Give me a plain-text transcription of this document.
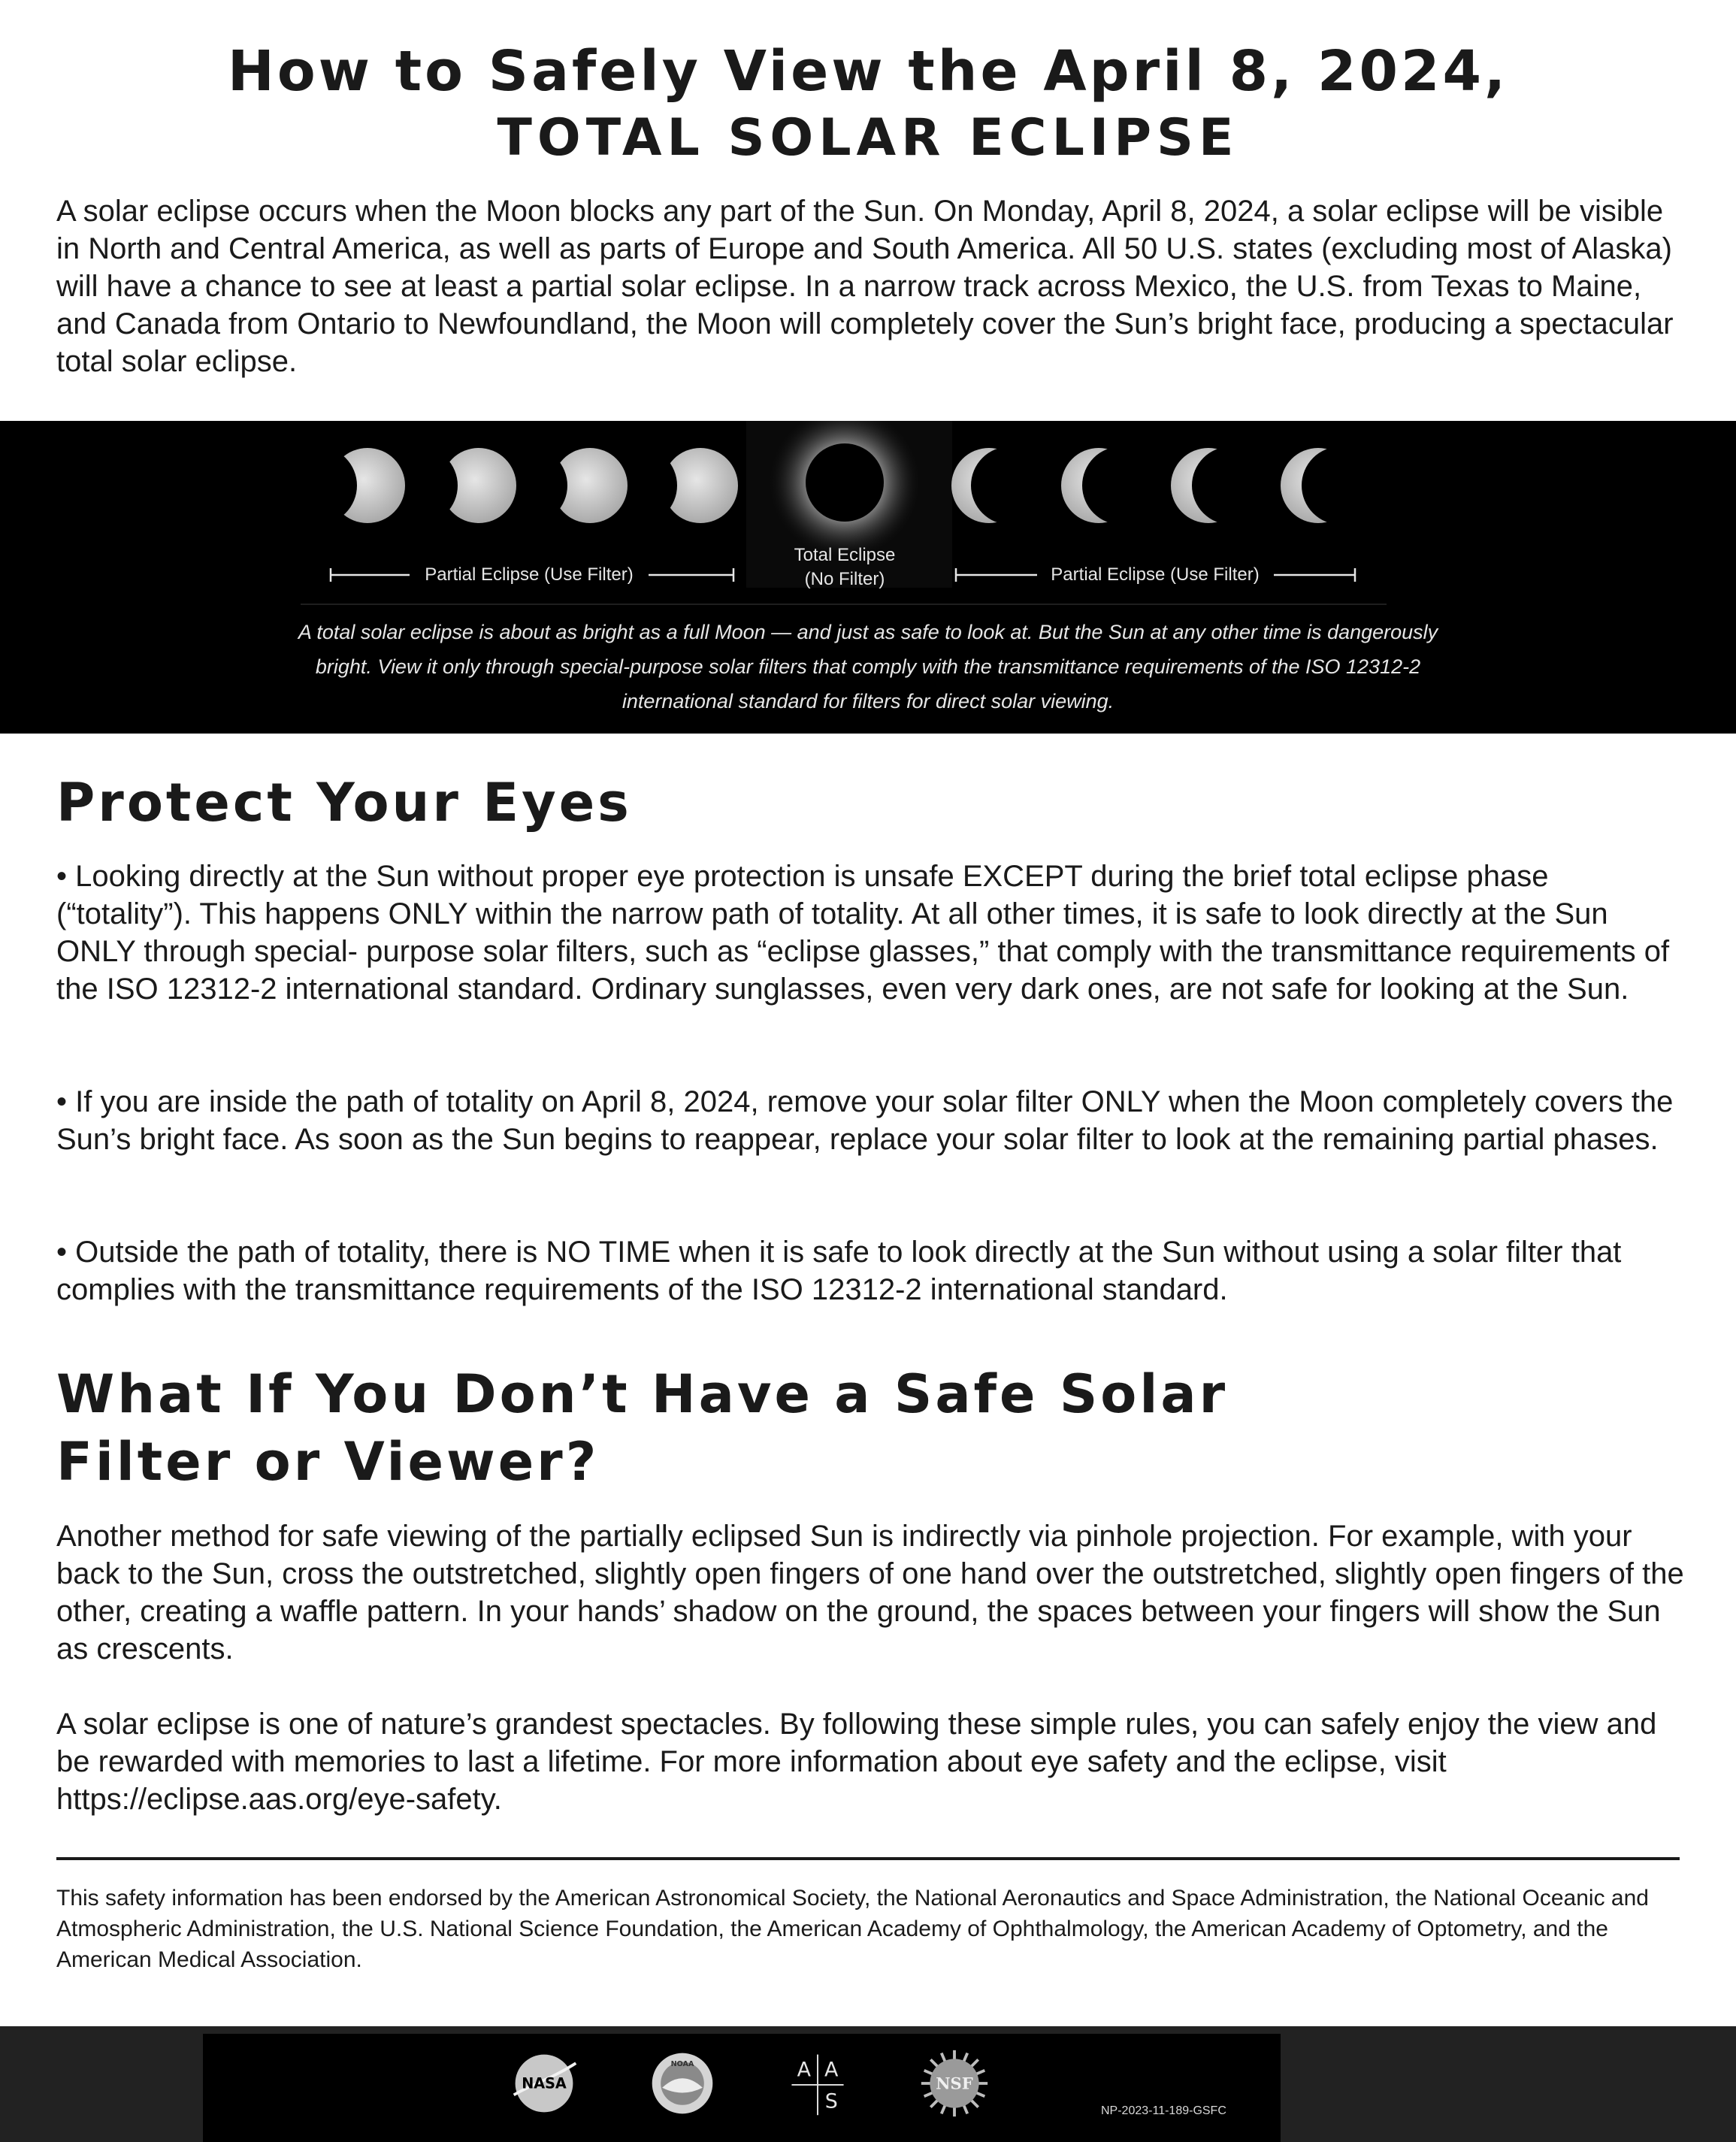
How to Safely View the April 8, 2024,
TOTAL SOLAR ECLIPSE

A solar eclipse occurs when the Moon blocks any part of the Sun. On Monday, April 8, 2024, a solar eclipse will be visible in North and Central America, as well as parts of Europe and South America. All 50 U.S. states (excluding most of Alaska) will have a chance to see at least a partial solar eclipse. In a narrow track across Mexico, the U.S. from Texas to Maine, and Canada from Ontario to Newfoundland, the Moon will completely cover the Sun’s bright face, producing a spectacular total solar eclipse.

Partial Eclipse (Use Filter)
Total Eclipse
(No Filter)	Partial Eclipse (Use Filter)

A total solar eclipse is about as bright as a full Moon — and just as safe to look at. But the Sun at any other time is dangerously bright. View it only through special-purpose solar filters that comply with the transmittance requirements of the ISO 12312-2 international standard for filters for direct solar viewing.

Protect Your Eyes

• Looking directly at the Sun without proper eye protection is unsafe EXCEPT during the brief total eclipse phase (“totality”). This happens ONLY within the narrow path of totality. At all other times, it is safe to look directly at the Sun ONLY through special- purpose solar filters, such as “eclipse glasses,” that comply with the transmittance requirements of the ISO 12312-2 international standard. Ordinary sunglasses, even very dark ones, are not safe for looking at the Sun.

• If you are inside the path of totality on April 8, 2024, remove your solar filter ONLY when the Moon completely covers the Sun’s bright face. As soon as the Sun begins to reappear, replace your solar filter to look at the remaining partial phases.

• Outside the path of totality, there is NO TIME when it is safe to look directly at the Sun without using a solar filter that complies with the transmittance requirements of the ISO 12312-2 international standard.

What If You Don’t Have a Safe Solar
Filter or Viewer?

Another method for safe viewing of the partially eclipsed Sun is indirectly via pinhole projection. For example, with your back to the Sun, cross the outstretched, slightly open fingers of one hand over the outstretched, slightly open fingers of the other, creating a waffle pattern. In your hands’ shadow on the ground, the spaces between your fingers will show the Sun as crescents.

A solar eclipse is one of nature’s grandest spectacles. By following these simple rules, you can safely enjoy the view and be rewarded with memories to last a lifetime. For more information about eye safety and the eclipse, visit https://eclipse.aas.org/eye-safety.

This safety information has been endorsed by the American Astronomical Society, the National Aeronautics and Space Administration, the National Oceanic and Atmospheric Administration, the U.S. National Science Foundation, the American Academy of Ophthalmology, the American Academy of Optometry, and the American Medical Association.

NASA
NOAA	A A
S
NSF
NP-2023-11-189-GSFC
